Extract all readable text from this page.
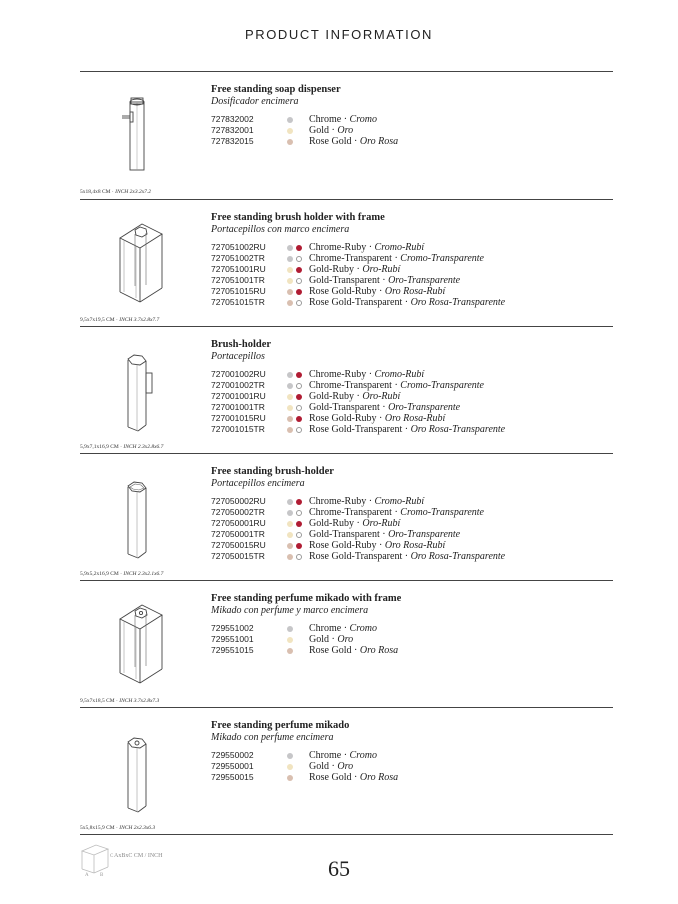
PRODUCT INFORMATION
5x18,4x8 CM · INCH 2x3.2x7.2
Free standing soap dispenser
Dosificador encimera
727832002	Chrome · Cromo
727832001	Gold · Oro
727832015	Rose Gold · Oro Rosa
9,5x7x19,5 CM · INCH 3.7x2.8x7.7
Free standing brush holder with frame
Portacepillos con marco encimera
727051002RU	Chrome-Ruby · Cromo-Rubí
727051002TR	Chrome-Transparent · Cromo-Transparente
727051001RU	Gold-Ruby · Oro-Rubí
727051001TR	Gold-Transparent · Oro-Transparente
727051015RU	Rose Gold-Ruby · Oro Rosa-Rubí
727051015TR	Rose Gold-Transparent · Oro Rosa-Transparente
5,9x7,1x16,9 CM · INCH 2.3x2.8x6.7
Brush-holder
Portacepillos
727001002RU	Chrome-Ruby · Cromo-Rubí
727001002TR	Chrome-Transparent · Cromo-Transparente
727001001RU	Gold-Ruby · Oro-Rubí
727001001TR	Gold-Transparent · Oro-Transparente
727001015RU	Rose Gold-Ruby · Oro Rosa-Rubí
727001015TR	Rose Gold-Transparent · Oro Rosa-Transparente
5,9x5,2x16,9 CM · INCH 2.3x2.1x6.7
Free standing brush-holder
Portacepillos encimera
727050002RU	Chrome-Ruby · Cromo-Rubí
727050002TR	Chrome-Transparent · Cromo-Transparente
727050001RU	Gold-Ruby · Oro-Rubí
727050001TR	Gold-Transparent · Oro-Transparente
727050015RU	Rose Gold-Ruby · Oro Rosa-Rubí
727050015TR	Rose Gold-Transparent · Oro Rosa-Transparente
9,5x7x18,5 CM · INCH 3.7x2.8x7.3
Free standing perfume mikado with frame
Mikado con perfume y marco encimera
729551002	Chrome · Cromo
729551001	Gold · Oro
729551015	Rose Gold · Oro Rosa
5x5,8x15,9 CM · INCH 2x2.3x6.3
Free standing perfume mikado
Mikado con perfume encimera
729550002	Chrome · Cromo
729550001	Gold · Oro
729550015	Rose Gold · Oro Rosa
A B
C AxBxC CM / INCH	65
